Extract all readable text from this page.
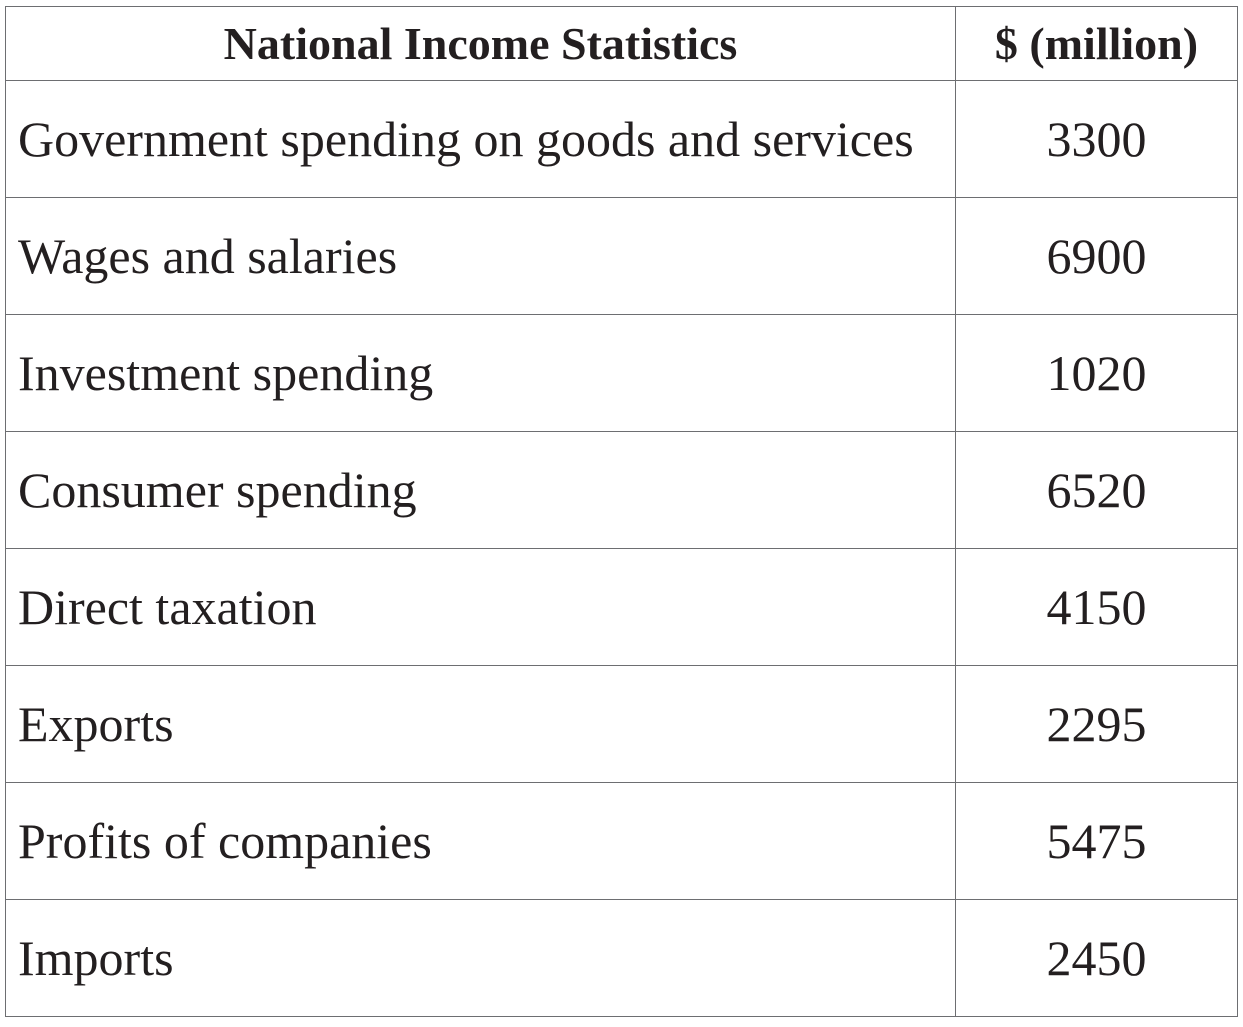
National Income Statistics	$ (million)
Government spending on goods and services	3300
Wages and salaries	6900
Investment spending	1020
Consumer spending	6520
Direct taxation	4150
Exports	2295
Profits of companies	5475
Imports	2450
